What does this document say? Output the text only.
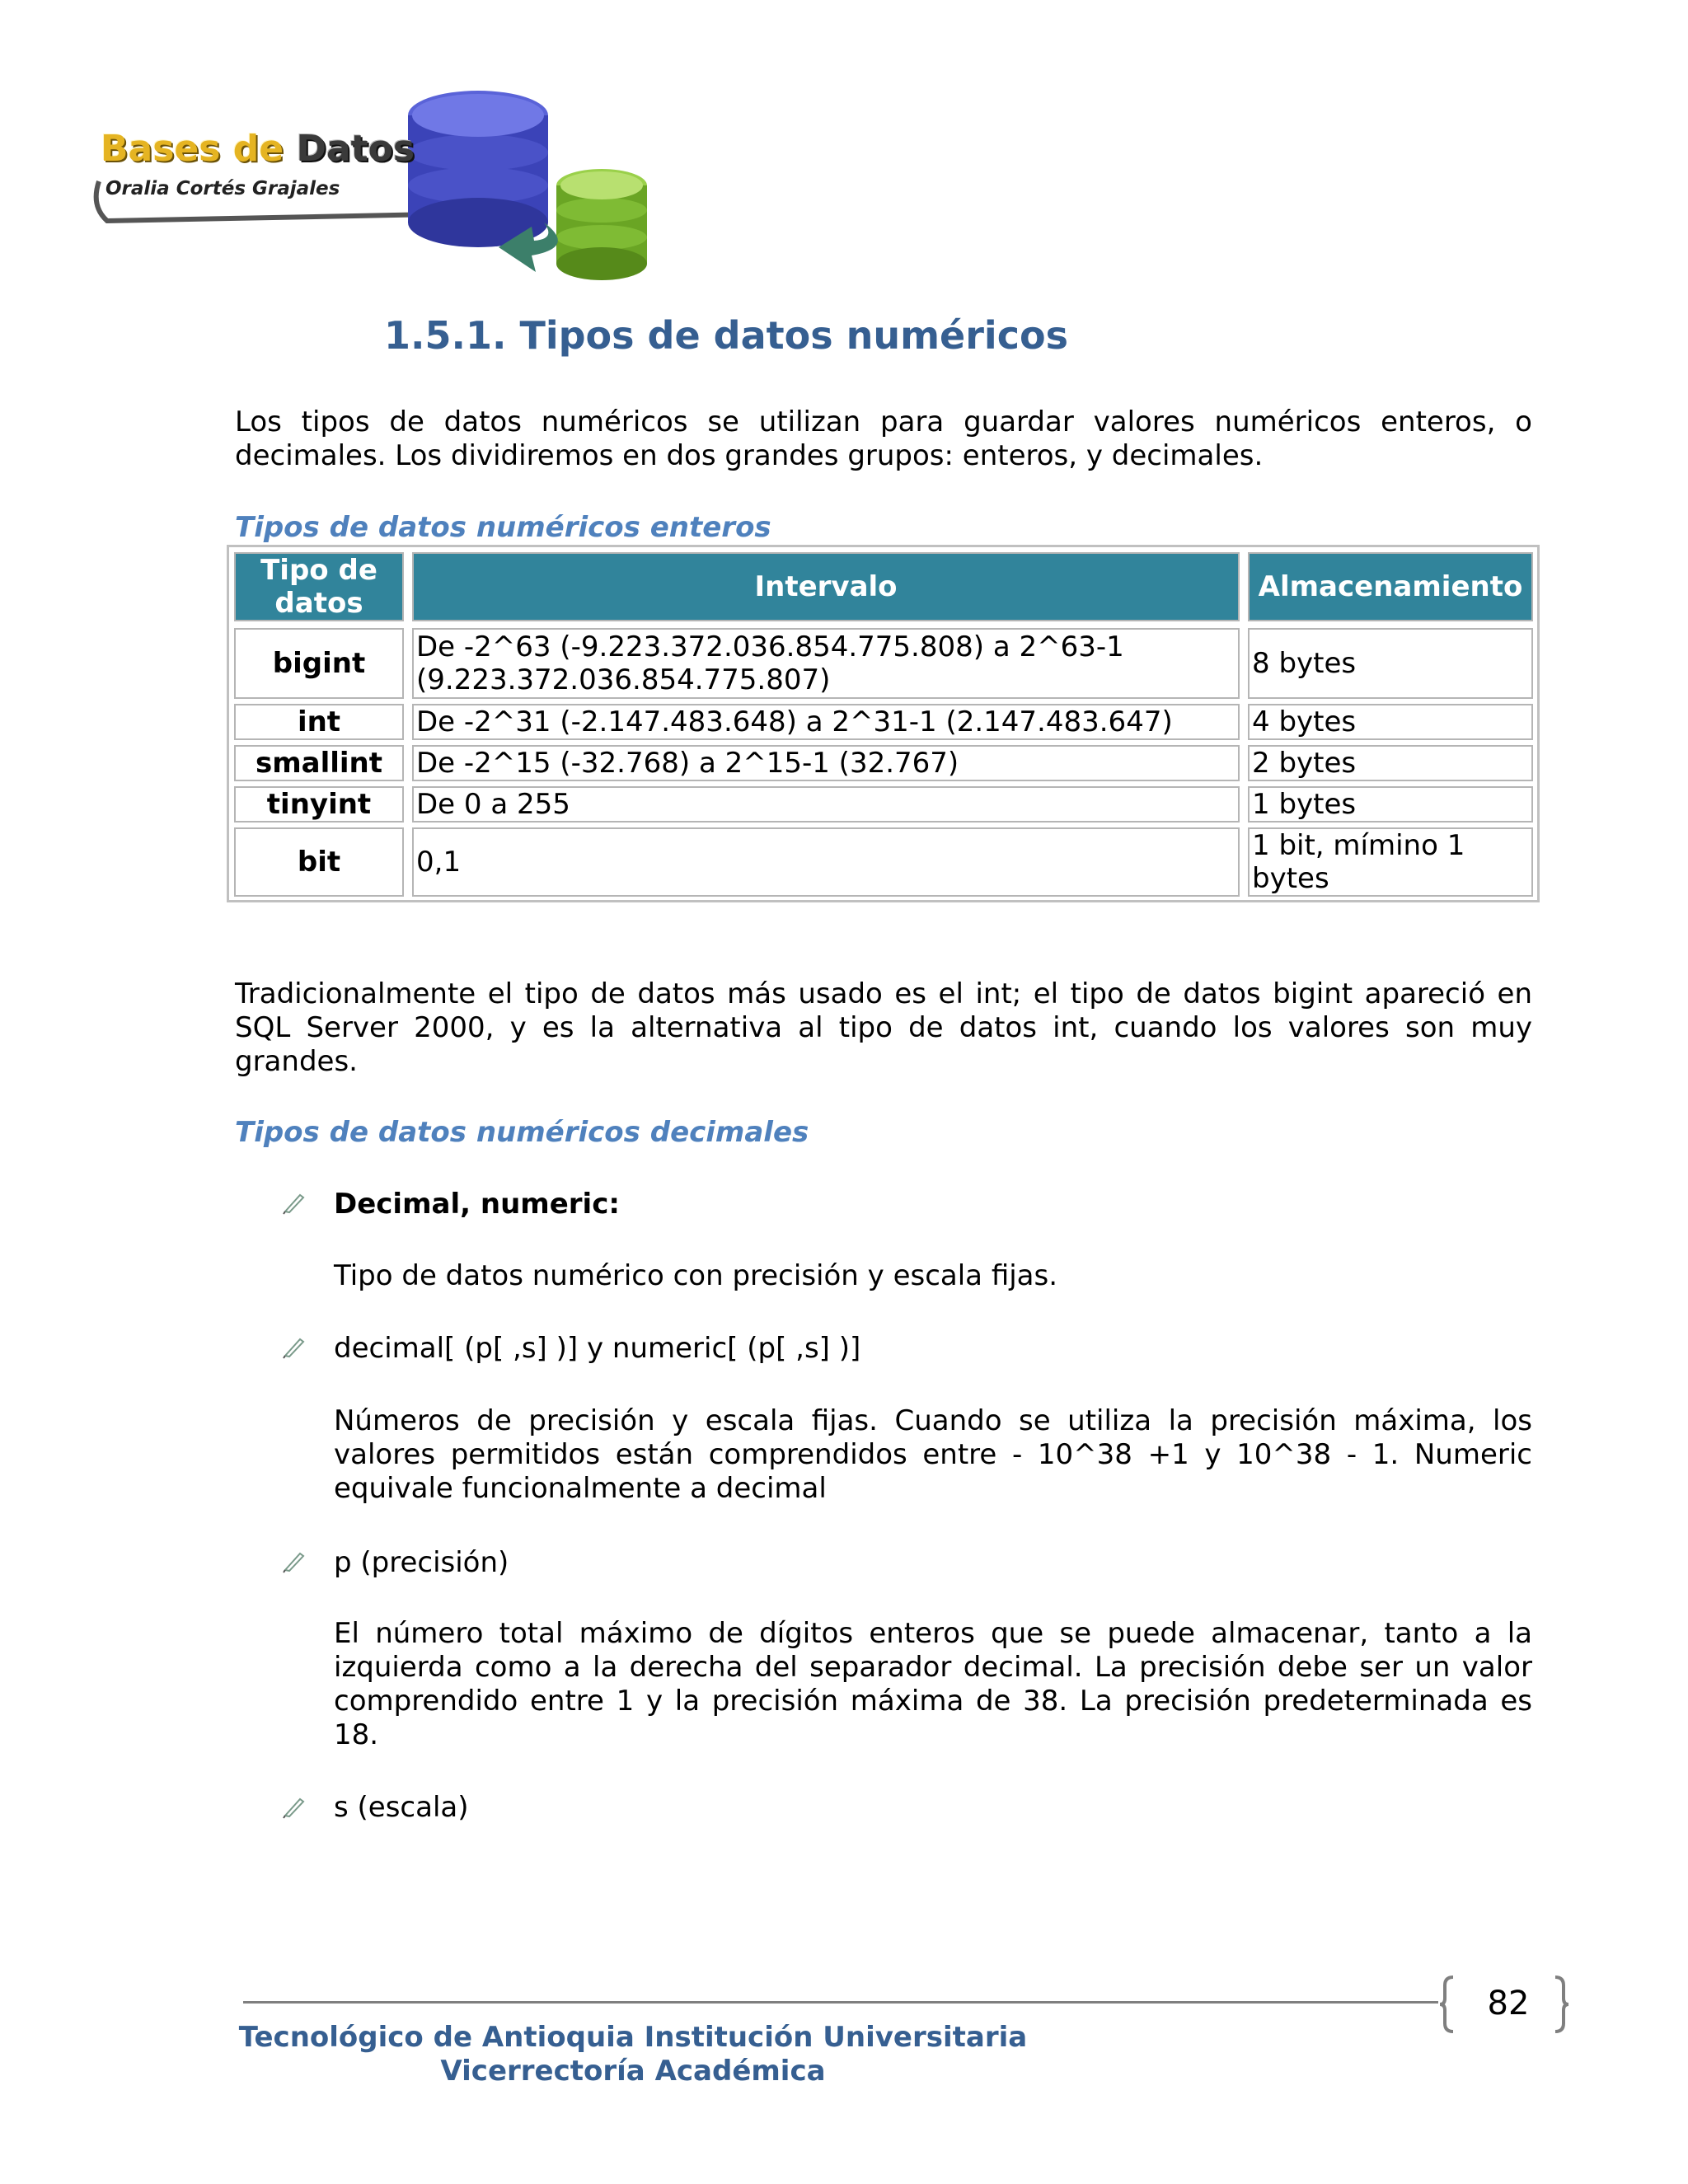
Bases de Datos
Oralia Cortés Grajales
1.5.1. Tipos de datos numéricos
Los tipos de datos numéricos se utilizan para guardar valores numéricos enteros, o decimales. Los dividiremos en dos grandes grupos: enteros, y decimales.
Tipos de datos numéricos enteros
Tipo de datos	Intervalo	Almacenamiento
bigint	De -2^63 (-9.223.372.036.854.775.808) a 2^63-1 (9.223.372.036.854.775.807)	8 bytes
int	De -2^31 (-2.147.483.648) a 2^31-1 (2.147.483.647)	4 bytes
smallint	De -2^15 (-32.768) a 2^15-1 (32.767)	2 bytes
tinyint	De 0 a 255	1 bytes
bit	0,1	1 bit, mímino 1 bytes
Tradicionalmente el tipo de datos más usado es el int; el tipo de datos bigint apareció en SQL Server 2000, y es la alternativa al tipo de datos int, cuando los valores son muy grandes.
Tipos de datos numéricos decimales
Decimal, numeric:
Tipo de datos numérico con precisión y escala fijas.
decimal[ (p[ ,s] )] y numeric[ (p[ ,s] )]
Números de precisión y escala fijas. Cuando se utiliza la precisión máxima, los valores permitidos están comprendidos entre - 10^38 +1 y 10^38 - 1. Numeric equivale funcionalmente a decimal
p (precisión)
El número total máximo de dígitos enteros que se puede almacenar, tanto a la izquierda como a la derecha del separador decimal. La precisión debe ser un valor comprendido entre 1 y la precisión máxima de 38. La precisión predeterminada es 18.
s (escala)
82
Tecnológico de Antioquia Institución Universitaria
Vicerrectoría Académica
